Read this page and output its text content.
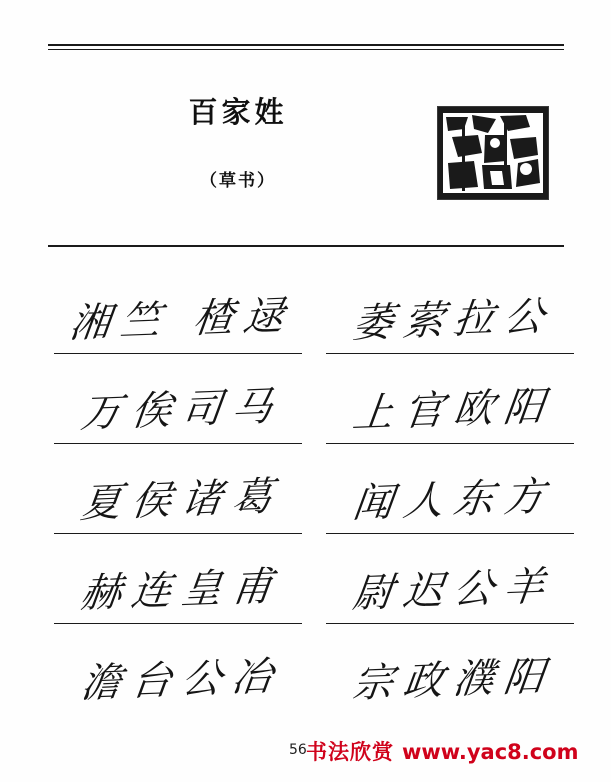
百家姓
（草书）
湘竺 楂逯 萎萦拉公
万俟司马 上官欧阳
夏侯诸葛 闻人东方
赫连皇甫 尉迟公羊
澹台公冶 宗政濮阳
56 书法欣赏 www.yac8.com
